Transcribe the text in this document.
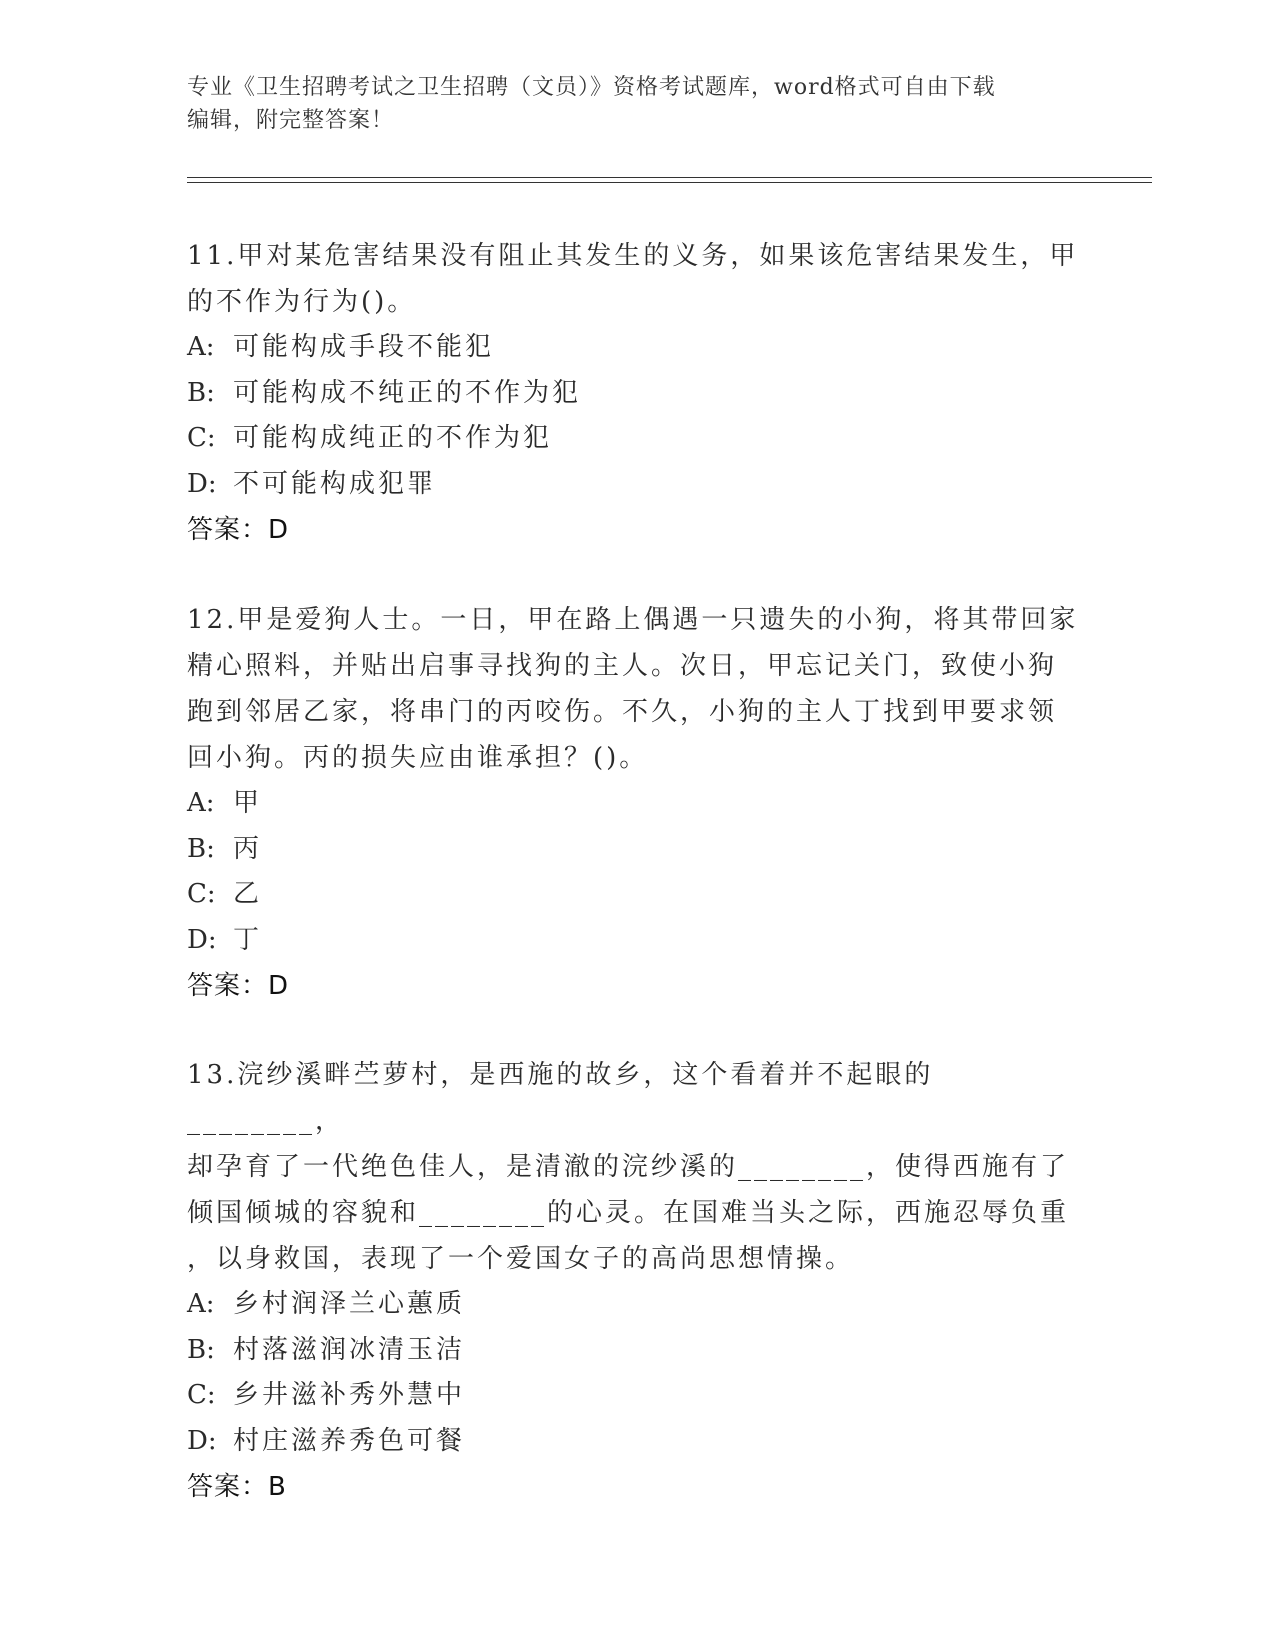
专业《卫生招聘考试之卫生招聘（文员）》资格考试题库，word格式可自由下载
编辑，附完整答案！
11.甲对某危害结果没有阻止其发生的义务，如果该危害结果发生，甲
的不作为行为()。
A: 可能构成手段不能犯
B: 可能构成不纯正的不作为犯
C: 可能构成纯正的不作为犯
D: 不可能构成犯罪
答案：D
12.甲是爱狗人士。一日，甲在路上偶遇一只遗失的小狗，将其带回家
精心照料，并贴出启事寻找狗的主人。次日，甲忘记关门，致使小狗
跑到邻居乙家，将串门的丙咬伤。不久，小狗的主人丁找到甲要求领
回小狗。丙的损失应由谁承担？()。
A: 甲
B: 丙
C: 乙
D: 丁
答案：D
13.浣纱溪畔苎萝村，是西施的故乡，这个看着并不起眼的________，
却孕育了一代绝色佳人，是清澈的浣纱溪的________，使得西施有了
倾国倾城的容貌和________的心灵。在国难当头之际，西施忍辱负重
，以身救国，表现了一个爱国女子的高尚思想情操。
A: 乡村润泽兰心蕙质
B: 村落滋润冰清玉洁
C: 乡井滋补秀外慧中
D: 村庄滋养秀色可餐
答案：B
